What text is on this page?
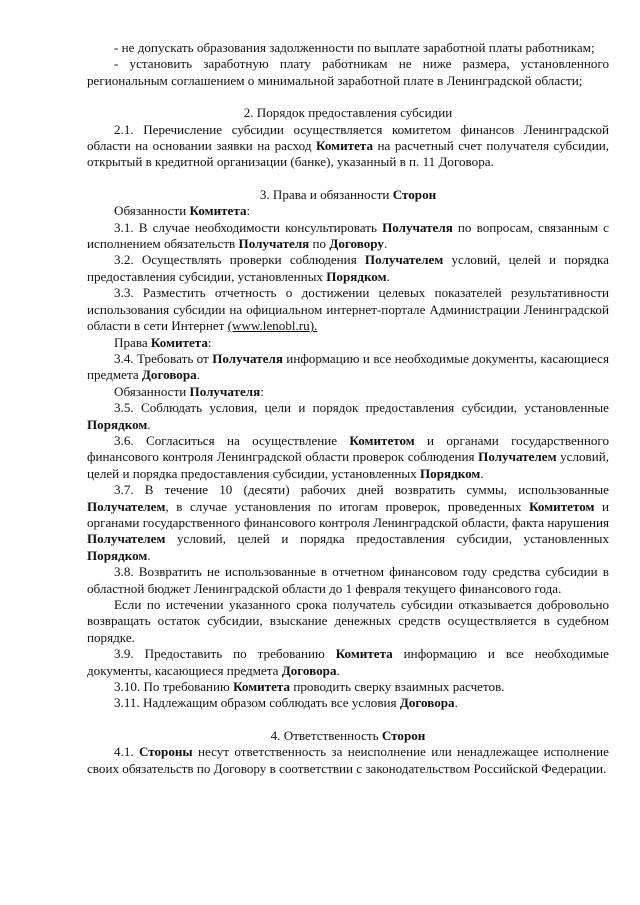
- не допускать образования задолженности по выплате заработной платы работникам;

- установить заработную плату работникам не ниже размера, установленного региональным соглашением о минимальной заработной плате в Ленинградской области;

2. Порядок предоставления субсидии

2.1. Перечисление субсидии осуществляется комитетом финансов Ленинградской области на основании заявки на расход Комитета на расчетный счет получателя субсидии, открытый в кредитной организации (банке), указанный в п. 11 Договора.

3. Права и обязанности Сторон

Обязанности Комитета:

3.1. В случае необходимости консультировать Получателя по вопросам, связанным с исполнением обязательств Получателя по Договору.

3.2. Осуществлять проверки соблюдения Получателем условий, целей и порядка предоставления субсидии, установленных Порядком.

3.3. Разместить отчетность о достижении целевых показателей результативности использования субсидии на официальном интернет-портале Администрации Ленинградской области в сети Интернет (www.lenobl.ru).

Права Комитета:

3.4. Требовать от Получателя информацию и все необходимые документы, касающиеся предмета Договора.

Обязанности Получателя:

3.5. Соблюдать условия, цели и порядок предоставления субсидии, установленные Порядком.

3.6. Согласиться на осуществление Комитетом и органами государственного финансового контроля Ленинградской области проверок соблюдения Получателем условий, целей и порядка предоставления субсидии, установленных Порядком.

3.7. В течение 10 (десяти) рабочих дней возвратить суммы, использованные Получателем, в случае установления по итогам проверок, проведенных Комитетом и органами государственного финансового контроля Ленинградской области, факта нарушения Получателем условий, целей и порядка предоставления субсидии, установленных Порядком.

3.8. Возвратить не использованные в отчетном финансовом году средства субсидии в областной бюджет Ленинградской области до 1 февраля текущего финансового года.

Если по истечении указанного срока получатель субсидии отказывается добровольно возвращать остаток субсидии, взыскание денежных средств осуществляется в судебном порядке.

3.9. Предоставить по требованию Комитета информацию и все необходимые документы, касающиеся предмета Договора.

3.10. По требованию Комитета проводить сверку взаимных расчетов.

3.11. Надлежащим образом соблюдать все условия Договора.

4. Ответственность Сторон

4.1. Стороны несут ответственность за неисполнение или ненадлежащее исполнение своих обязательств по Договору в соответствии с законодательством Российской Федерации.
